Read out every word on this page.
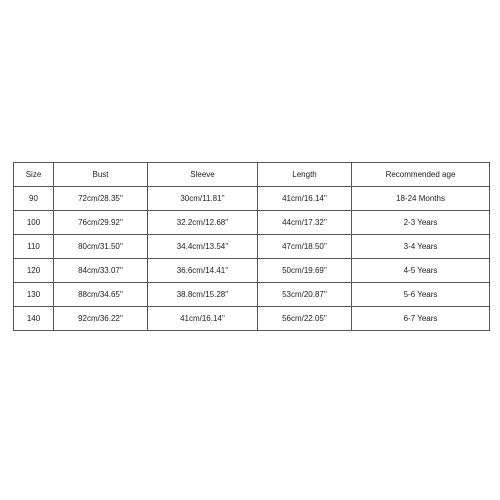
Size	Bust	Sleeve	Length	Recommended age
90	72cm/28.35''	30cm/11.81''	41cm/16.14''	18-24 Months
100	76cm/29.92''	32.2cm/12.68''	44cm/17.32''	2-3 Years
110	80cm/31.50''	34.4cm/13.54''	47cm/18.50''	3-4 Years
120	84cm/33.07''	36.6cm/14.41''	50cm/19.69''	4-5 Years
130	88cm/34.65''	38.8cm/15.28''	53cm/20.87''	5-6 Years
140	92cm/36.22''	41cm/16.14''	56cm/22.05''	6-7 Years
